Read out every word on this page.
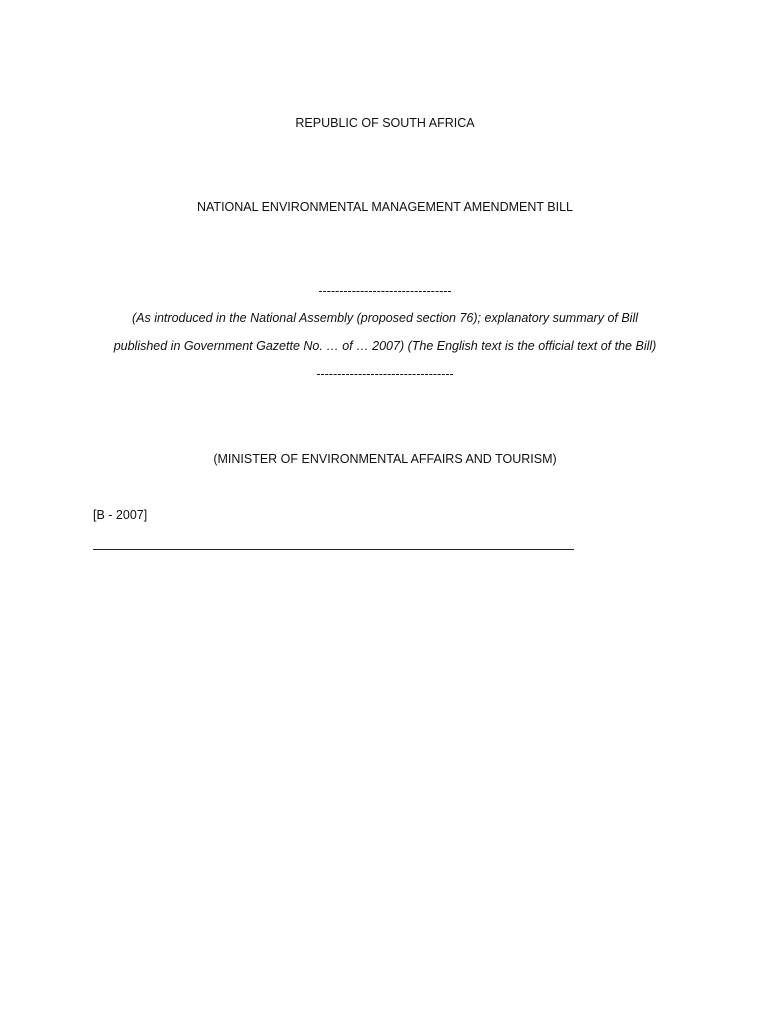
REPUBLIC OF SOUTH AFRICA
NATIONAL ENVIRONMENTAL MANAGEMENT AMENDMENT BILL
--------------------------------
(As introduced in the National Assembly (proposed section 76); explanatory summary of Bill
published in Government Gazette No. … of … 2007) (The English text is the official text of the Bill)
---------------------------------
(MINISTER OF ENVIRONMENTAL AFFAIRS AND TOURISM)
[B - 2007]
